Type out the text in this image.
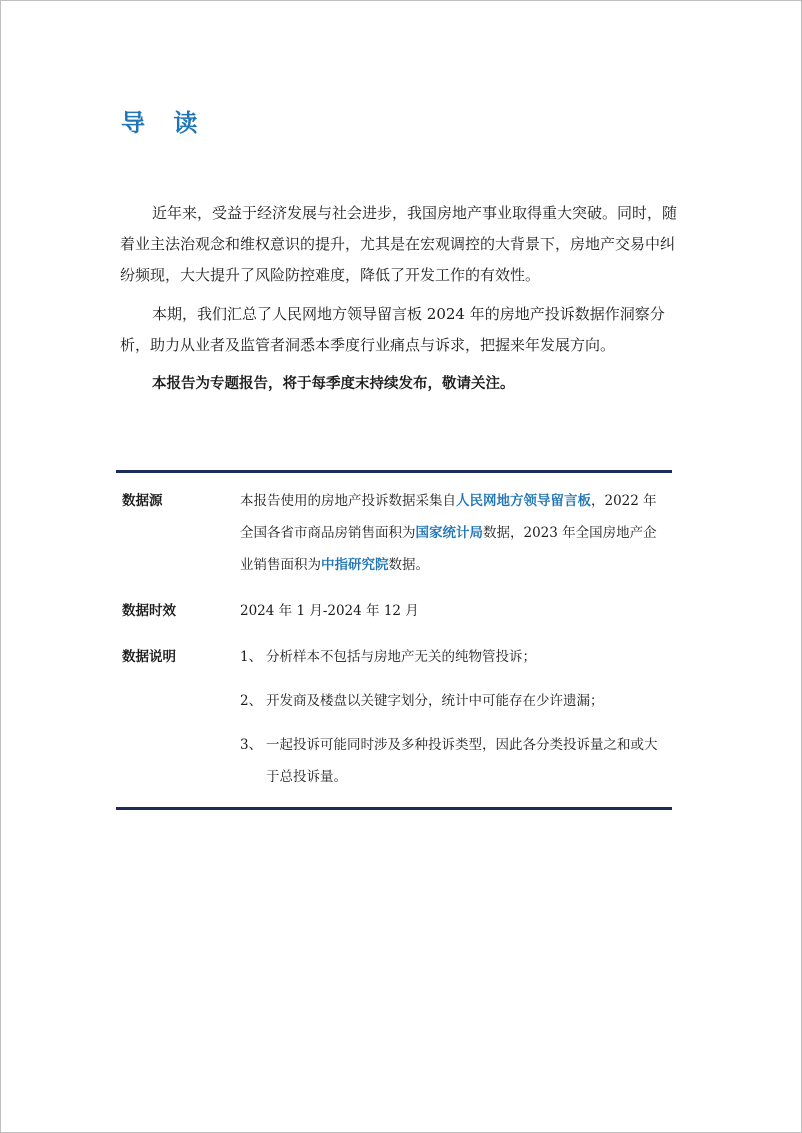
导 读

近年来，受益于经济发展与社会进步，我国房地产事业取得重大突破。同时，随着业主法治观念和维权意识的提升，尤其是在宏观调控的大背景下，房地产交易中纠纷频现，大大提升了风险防控难度，降低了开发工作的有效性。

本期，我们汇总了人民网地方领导留言板 2024 年的房地产投诉数据作洞察分析，助力从业者及监管者洞悉本季度行业痛点与诉求，把握来年发展方向。

本报告为专题报告，将于每季度末持续发布，敬请关注。

数据源	本报告使用的房地产投诉数据采集自人民网地方领导留言板，2022 年全国各省市商品房销售面积为国家统计局数据，2023 年全国房地产企业销售面积为中指研究院数据。
数据时效	2024 年 1 月-2024 年 12 月
数据说明	1、 分析样本不包括与房地产无关的纯物管投诉；
2、 开发商及楼盘以关键字划分，统计中可能存在少许遗漏；
3、 一起投诉可能同时涉及多种投诉类型，因此各分类投诉量之和或大于总投诉量。
